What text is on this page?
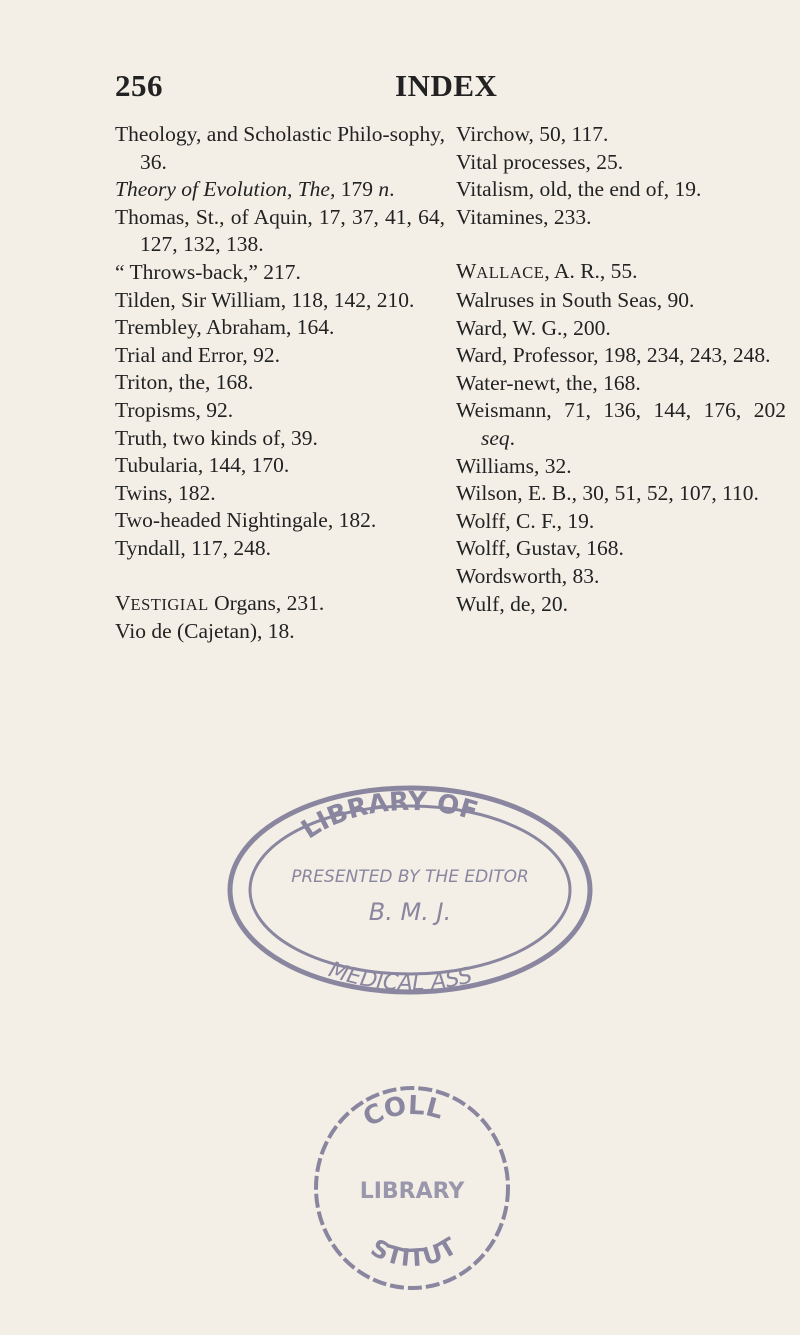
256	INDEX

Theology, and Scholastic Philo-sophy, 36.

Theory of Evolution, The, 179 n.

Thomas, St., of Aquin, 17, 37, 41, 64, 127, 132, 138.

“ Throws-back,” 217.

Tilden, Sir William, 118, 142, 210.

Trembley, Abraham, 164.

Trial and Error, 92.

Triton, the, 168.

Tropisms, 92.

Truth, two kinds of, 39.

Tubularia, 144, 170.

Twins, 182.

Two-headed Nightingale, 182.

Tyndall, 117, 248.

VESTIGIAL Organs, 231.

Vio de (Cajetan), 18.

Virchow, 50, 117.

Vital processes, 25.

Vitalism, old, the end of, 19.

Vitamines, 233.

WALLACE, A. R., 55.

Walruses in South Seas, 90.

Ward, W. G., 200.

Ward, Professor, 198, 234, 243, 248.

Water-newt, the, 168.

Weismann, 71, 136, 144, 176, 202 seq.

Williams, 32.

Wilson, E. B., 30, 51, 52, 107, 110.

Wolff, C. F., 19.

Wolff, Gustav, 168.

Wordsworth, 83.

Wulf, de, 20.

LIBRARY OF
PRESENTED BY THE EDITOR
B. M. J.
MEDICAL ASS
COLL
LIBRARY
STITUT
